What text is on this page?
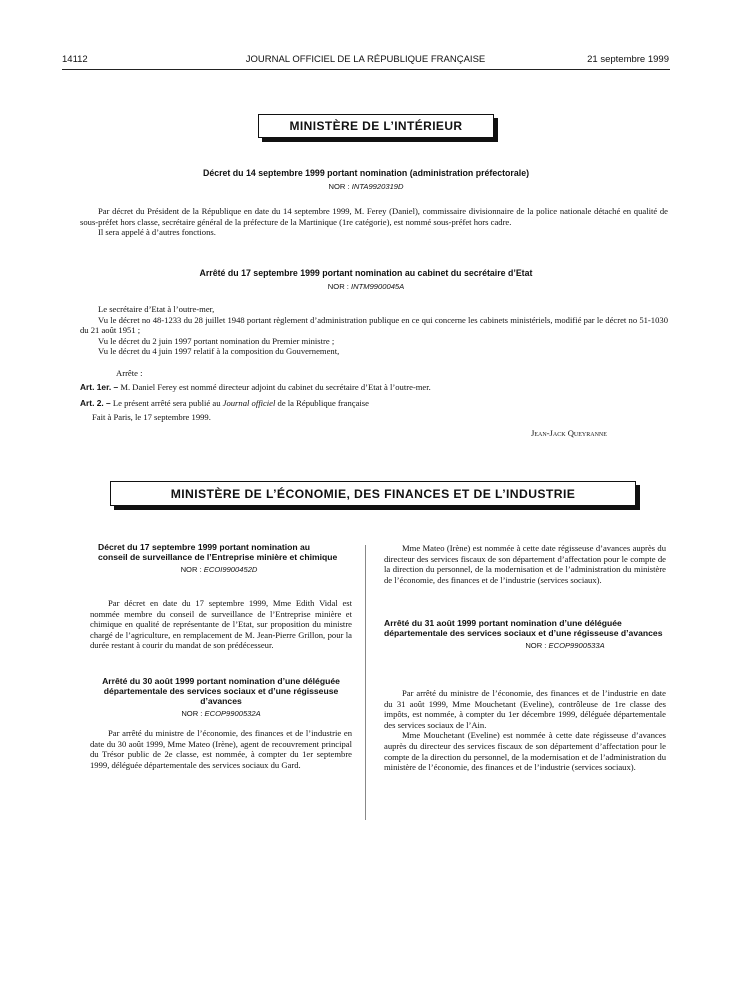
14112	JOURNAL OFFICIEL DE LA RÉPUBLIQUE FRANÇAISE	21 septembre 1999
MINISTÈRE DE L’INTÉRIEUR
Décret du 14 septembre 1999 portant nomination (administration préfectorale)
NOR : INTA9920319D

Par décret du Président de la République en date du 14 septembre 1999, M. Ferey (Daniel), commissaire divisionnaire de la police nationale détaché en qualité de sous-préfet hors classe, secrétaire général de la préfecture de la Martinique (1re catégorie), est nommé sous-préfet hors cadre.

Il sera appelé à d’autres fonctions.

Arrêté du 17 septembre 1999 portant nomination au cabinet du secrétaire d’Etat
NOR : INTM9900045A

Le secrétaire d’Etat à l’outre-mer,

Vu le décret no 48-1233 du 28 juillet 1948 portant règlement d’administration publique en ce qui concerne les cabinets ministériels, modifié par le décret no 51-1030 du 21 août 1951 ;

Vu le décret du 2 juin 1997 portant nomination du Premier ministre ;

Vu le décret du 4 juin 1997 relatif à la composition du Gouvernement,

Arrête :
Art. 1er. – M. Daniel Ferey est nommé directeur adjoint du cabinet du secrétaire d’Etat à l’outre-mer.
Art. 2. – Le présent arrêté sera publié au Journal officiel de la République française
Fait à Paris, le 17 septembre 1999.
Jean-Jack Queyranne
MINISTÈRE DE L’ÉCONOMIE, DES FINANCES ET DE L’INDUSTRIE
Décret du 17 septembre 1999 portant nomination au conseil de surveillance de l’Entreprise minière et chimique
NOR : ECOI9900452D

Par décret en date du 17 septembre 1999, Mme Edith Vidal est nommée membre du conseil de surveillance de l’Entreprise minière et chimique en qualité de représentante de l’Etat, sur proposition du ministre chargé de l’agriculture, en remplacement de M. Jean-Pierre Grillon, pour la durée restant à courir du mandat de son prédécesseur.

Arrêté du 30 août 1999 portant nomination d’une déléguée départementale des services sociaux et d’une régisseuse d’avances
NOR : ECOP9900532A

Par arrêté du ministre de l’économie, des finances et de l’industrie en date du 30 août 1999, Mme Mateo (Irène), agent de recouvrement principal du Trésor public de 2e classe, est nommée, à compter du 1er septembre 1999, déléguée départementale des services sociaux du Gard.

Mme Mateo (Irène) est nommée à cette date régisseuse d’avances auprès du directeur des services fiscaux de son département d’affectation pour le compte de la direction du personnel, de la modernisation et de l’administration du ministère de l’économie, des finances et de l’industrie (services sociaux).

Arrêté du 31 août 1999 portant nomination d’une déléguée départementale des services sociaux et d’une régisseuse d’avances
NOR : ECOP9900533A

Par arrêté du ministre de l’économie, des finances et de l’industrie en date du 31 août 1999, Mme Mouchetant (Eveline), contrôleuse de 1re classe des impôts, est nommée, à compter du 1er décembre 1999, déléguée départementale des services sociaux de l’Ain.

Mme Mouchetant (Eveline) est nommée à cette date régisseuse d’avances auprès du directeur des services fiscaux de son département d’affectation pour le compte de la direction du personnel, de la modernisation et de l’administration du ministère de l’économie, des finances et de l’industrie (services sociaux).
